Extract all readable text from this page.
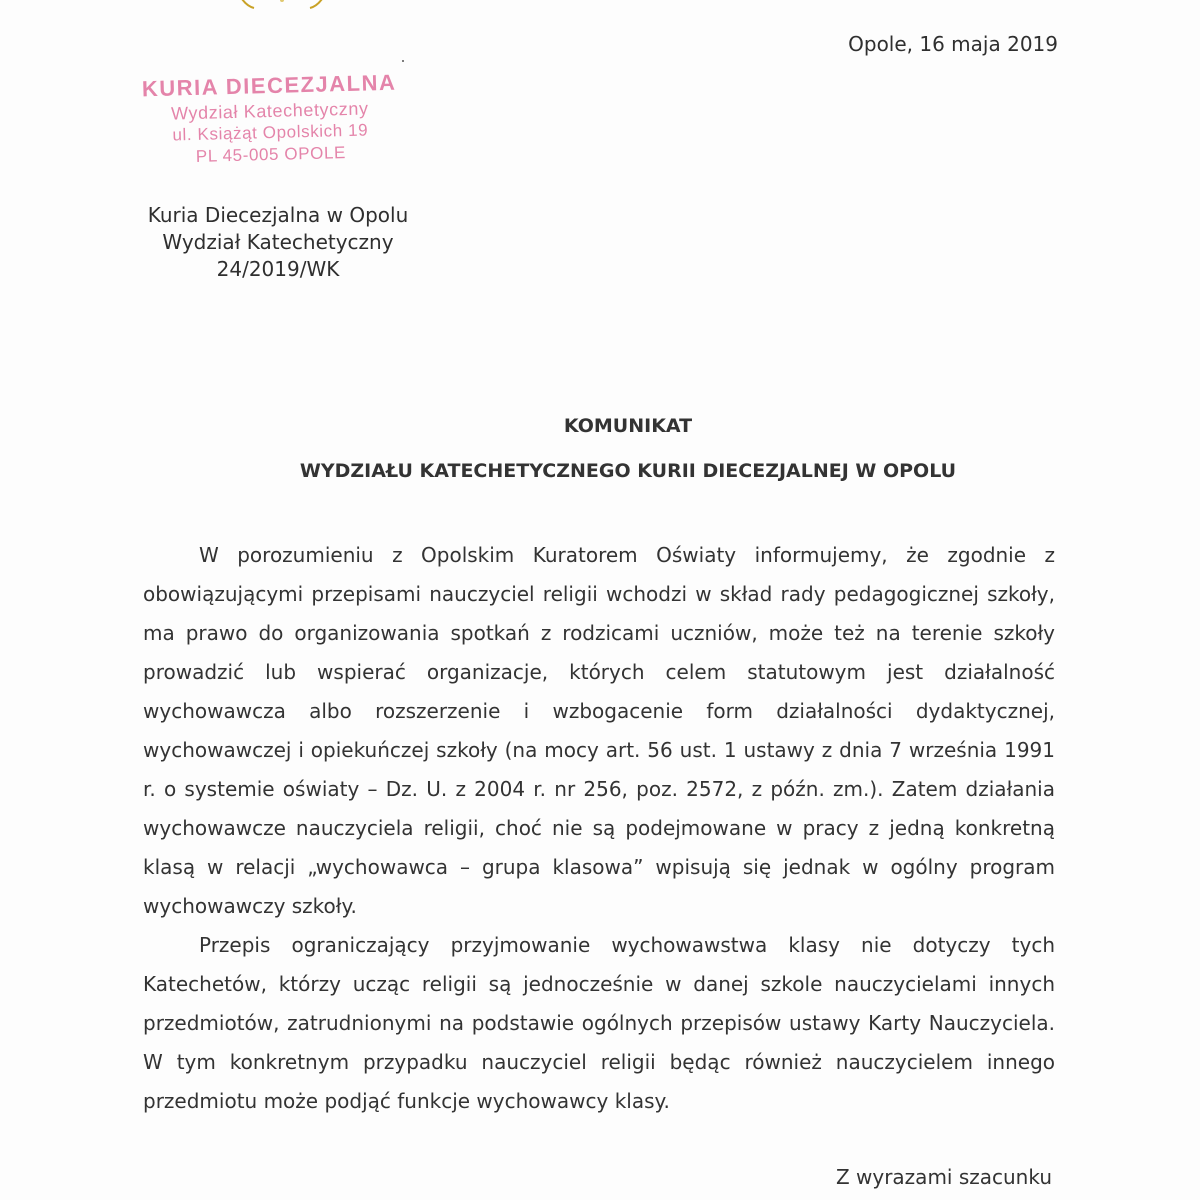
Opole, 16 maja 2019
KURIA DIECEZJALNA
Wydział Katechetyczny
ul. Książąt Opolskich 19
PL 45-005 OPOLE
Kuria Diecezjalna w Opolu
Wydział Katechetyczny
24/2019/WK
KOMUNIKAT
WYDZIAŁU KATECHETYCZNEGO KURII DIECEZJALNEJ W OPOLU

W porozumieniu z Opolskim Kuratorem Oświaty informujemy, że zgodnie z obowiązującymi przepisami nauczyciel religii wchodzi w skład rady pedagogicznej szkoły, ma prawo do organizowania spotkań z rodzicami uczniów, może też na terenie szkoły prowadzić lub wspierać organizacje, których celem statutowym jest działalność wychowawcza albo rozszerzenie i wzbogacenie form działalności dydaktycznej, wychowawczej i opiekuńczej szkoły (na mocy art. 56 ust. 1 ustawy z dnia 7 września 1991 r. o systemie oświaty – Dz. U. z 2004 r. nr 256, poz. 2572, z późn. zm.). Zatem działania wychowawcze nauczyciela religii, choć nie są podejmowane w pracy z jedną konkretną klasą w relacji „wychowawca – grupa klasowa” wpisują się jednak w ogólny program wychowawczy szkoły.

Przepis ograniczający przyjmowanie wychowawstwa klasy nie dotyczy tych Katechetów, którzy ucząc religii są jednocześnie w danej szkole nauczycielami innych przedmiotów, zatrudnionymi na podstawie ogólnych przepisów ustawy Karty Nauczyciela. W tym konkretnym przypadku nauczyciel religii będąc również nauczycielem innego przedmiotu może podjąć funkcje wychowawcy klasy.

Z wyrazami szacunku
